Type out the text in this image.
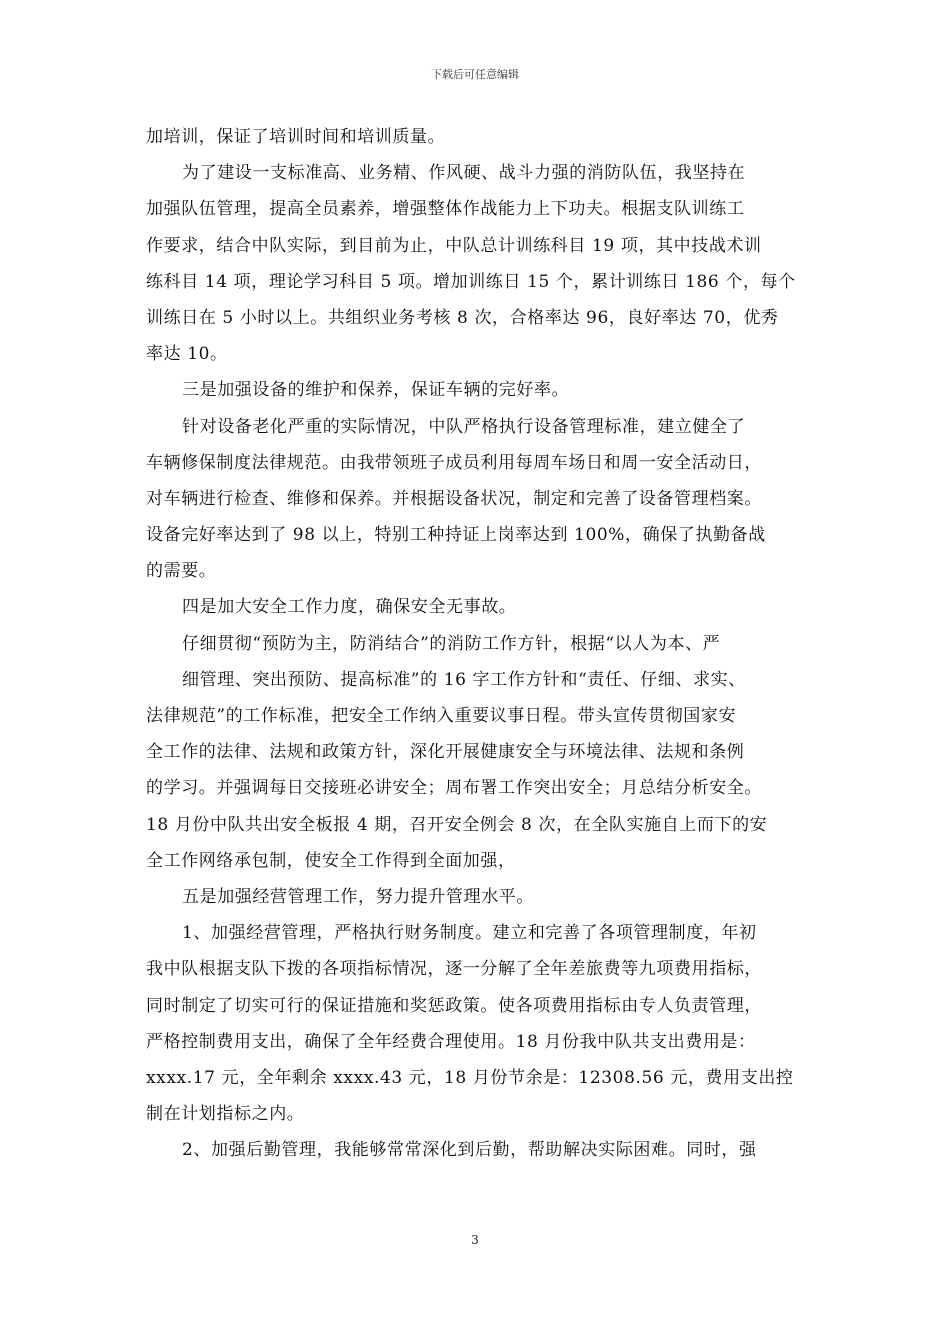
下载后可任意编辑
加培训，保证了培训时间和培训质量。
为了建设一支标准高、业务精、作风硬、战斗力强的消防队伍，我坚持在
加强队伍管理，提高全员素养，增强整体作战能力上下功夫。根据支队训练工
作要求，结合中队实际，到目前为止，中队总计训练科目 19 项，其中技战术训
练科目 14 项，理论学习科目 5 项。增加训练日 15 个，累计训练日 186 个，每个
训练日在 5 小时以上。共组织业务考核 8 次，合格率达 96，良好率达 70，优秀
率达 10。
三是加强设备的维护和保养，保证车辆的完好率。
针对设备老化严重的实际情况，中队严格执行设备管理标准，建立健全了
车辆修保制度法律规范。由我带领班子成员利用每周车场日和周一安全活动日，
对车辆进行检查、维修和保养。并根据设备状况，制定和完善了设备管理档案。
设备完好率达到了 98 以上，特别工种持证上岗率达到 100%，确保了执勤备战
的需要。
四是加大安全工作力度，确保安全无事故。
仔细贯彻“预防为主，防消结合”的消防工作方针，根据“以人为本、严
细管理、突出预防、提高标准”的 16 字工作方针和“责任、仔细、求实、
法律规范”的工作标准，把安全工作纳入重要议事日程。带头宣传贯彻国家安
全工作的法律、法规和政策方针，深化开展健康安全与环境法律、法规和条例
的学习。并强调每日交接班必讲安全；周布署工作突出安全；月总结分析安全。
18 月份中队共出安全板报 4 期，召开安全例会 8 次，在全队实施自上而下的安
全工作网络承包制，使安全工作得到全面加强，
五是加强经营管理工作，努力提升管理水平。
1、加强经营管理，严格执行财务制度。建立和完善了各项管理制度，年初
我中队根据支队下拨的各项指标情况，逐一分解了全年差旅费等九项费用指标，
同时制定了切实可行的保证措施和奖惩政策。使各项费用指标由专人负责管理，
严格控制费用支出，确保了全年经费合理使用。18 月份我中队共支出费用是：
xxxx.17 元，全年剩余 xxxx.43 元，18 月份节余是：12308.56 元，费用支出控
制在计划指标之内。
2、加强后勤管理，我能够常常深化到后勤，帮助解决实际困难。同时，强
3
